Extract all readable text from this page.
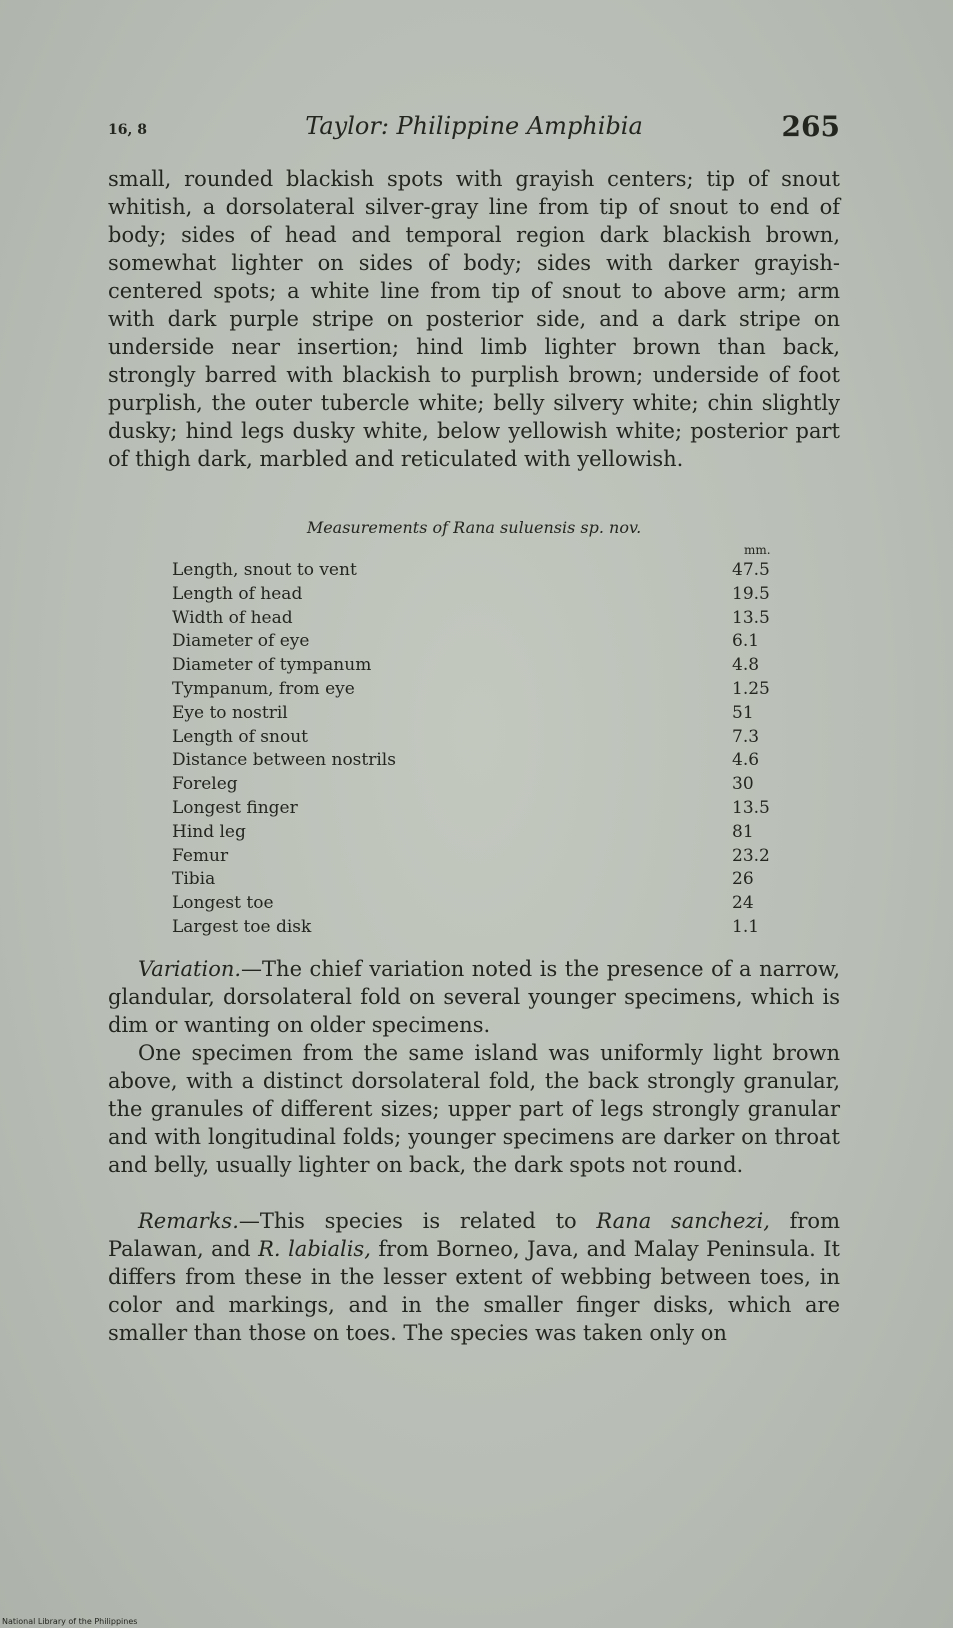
16, 8	Taylor: Philippine Amphibia	265

small, rounded blackish spots with grayish centers; tip of snout whitish, a dorsolateral silver-gray line from tip of snout to end of body; sides of head and temporal region dark blackish brown, somewhat lighter on sides of body; sides with darker grayish-centered spots; a white line from tip of snout to above arm; arm with dark purple stripe on posterior side, and a dark stripe on underside near insertion; hind limb lighter brown than back, strongly barred with blackish to purplish brown; underside of foot purplish, the outer tubercle white; belly silvery white; chin slightly dusky; hind legs dusky white, below yellowish white; posterior part of thigh dark, marbled and reticulated with yellowish.

Measurements of Rana suluensis sp. nov.
mm.
Length, snout to vent	47.5
Length of head	19.5
Width of head	13.5
Diameter of eye	6.1
Diameter of tympanum	4.8
Tympanum, from eye	1.25
Eye to nostril	51
Length of snout	7.3
Distance between nostrils	4.6
Foreleg	30
Longest finger	13.5
Hind leg	81
Femur	23.2
Tibia	26
Longest toe	24
Largest toe disk	1.1

Variation.—The chief variation noted is the presence of a narrow, glandular, dorsolateral fold on several younger specimens, which is dim or wanting on older specimens.

One specimen from the same island was uniformly light brown above, with a distinct dorsolateral fold, the back strongly granular, the granules of different sizes; upper part of legs strongly granular and with longitudinal folds; younger specimens are darker on throat and belly, usually lighter on back, the dark spots not round.

Remarks.—This species is related to Rana sanchezi, from Palawan, and R. labialis, from Borneo, Java, and Malay Peninsula. It differs from these in the lesser extent of webbing between toes, in color and markings, and in the smaller finger disks, which are smaller than those on toes. The species was taken only on

National Library of the Philippines
